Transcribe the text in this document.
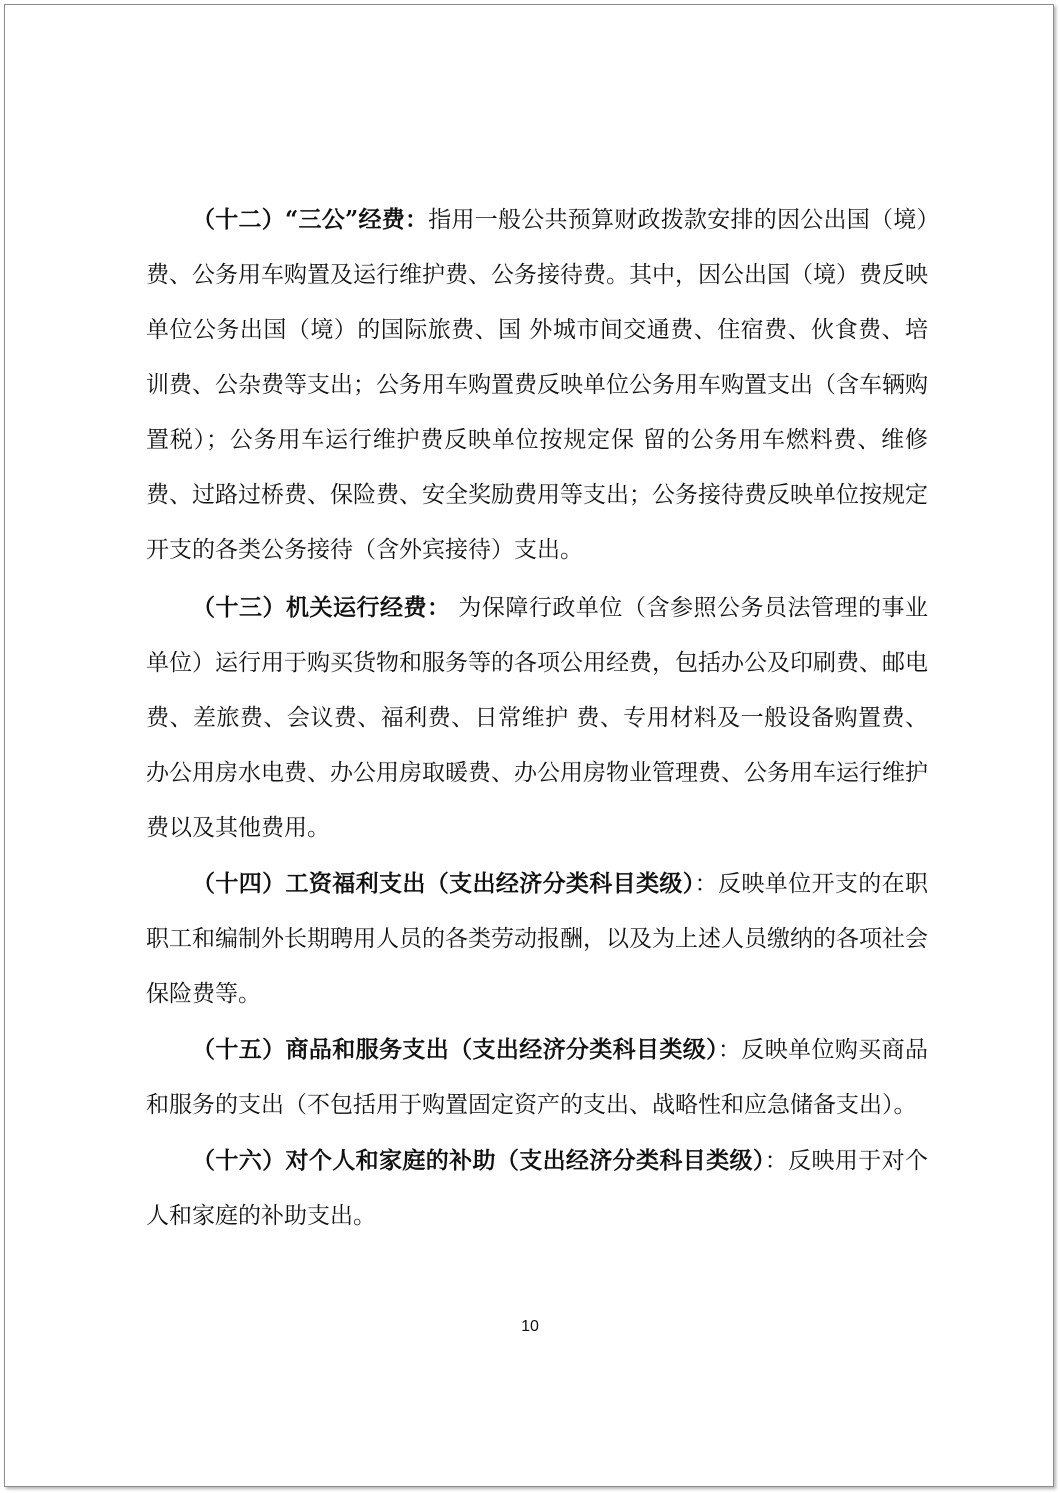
（十二）“三公”经费：指用一般公共预算财政拨款安排的因公出国（境）费、公务用车购置及运行维护费、公务接待费。其中，因公出国（境）费反映单位公务出国（境）的国际旅费、国 外城市间交通费、住宿费、伙食费、培训费、公杂费等支出；公务用车购置费反映单位公务用车购置支出（含车辆购置税）；公务用车运行维护费反映单位按规定保 留的公务用车燃料费、维修费、过路过桥费、保险费、安全奖励费用等支出；公务接待费反映单位按规定开支的各类公务接待（含外宾接待）支出。

（十三）机关运行经费： 为保障行政单位（含参照公务员法管理的事业单位）运行用于购买货物和服务等的各项公用经费，包括办公及印刷费、邮电费、差旅费、会议费、福利费、日常维护 费、专用材料及一般设备购置费、办公用房水电费、办公用房取暖费、办公用房物业管理费、公务用车运行维护费以及其他费用。

（十四）工资福利支出（支出经济分类科目类级）：反映单位开支的在职职工和编制外长期聘用人员的各类劳动报酬，以及为上述人员缴纳的各项社会保险费等。

（十五）商品和服务支出（支出经济分类科目类级）：反映单位购买商品和服务的支出（不包括用于购置固定资产的支出、战略性和应急储备支出）。

（十六）对个人和家庭的补助（支出经济分类科目类级）：反映用于对个人和家庭的补助支出。

10
